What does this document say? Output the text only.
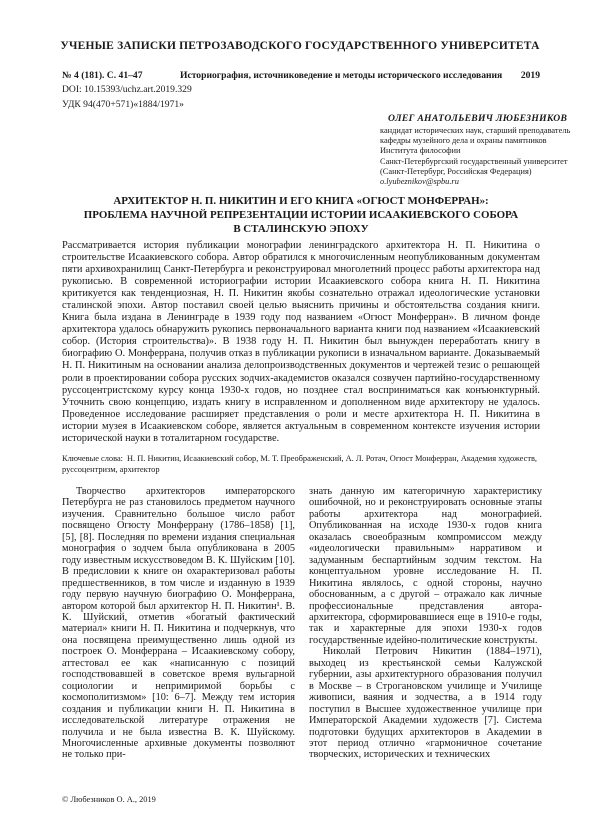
УЧЕНЫЕ ЗАПИСКИ ПЕТРОЗАВОДСКОГО ГОСУДАРСТВЕННОГО УНИВЕРСИТЕТА
№ 4 (181). С. 41–47	Историография, источниковедение и методы исторического исследования 2019
DOI: 10.15393/uchz.art.2019.329
УДК 94(470+571)«1884/1971»
ОЛЕГ АНАТОЛЬЕВИЧ ЛЮБЕЗНИКОВ

кандидат исторических наук, старший преподаватель кафедры музейного дела и охраны памятников Института философии

Санкт-Петербургский государственный университет (Санкт-Петербург, Российская Федерация)

o.lyubeznikov@spbu.ru

АРХИТЕКТОР Н. П. НИКИТИН И ЕГО КНИГА «ОГЮСТ МОНФЕРРАН»:
ПРОБЛЕМА НАУЧНОЙ РЕПРЕЗЕНТАЦИИ ИСТОРИИ ИСААКИЕВСКОГО СОБОРА
В СТАЛИНСКУЮ ЭПОХУ

Рассматривается история публикации монографии ленинградского архитектора Н. П. Никитина о строительстве Исаакиевского собора. Автор обратился к многочисленным неопубликованным документам пяти архивохранилищ Санкт-Петербурга и реконструировал многолетний процесс работы архитектора над рукописью. В современной историографии истории Исаакиевского собора книга Н. П. Никитина критикуется как тенденциозная, Н. П. Никитин якобы сознательно отражал идеологические установки сталинской эпохи. Автор поставил своей целью выяснить причины и обстоятельства создания книги. Книга была издана в Ленинграде в 1939 году под названием «Огюст Монферран». В личном фонде архитектора удалось обнаружить рукопись первоначального варианта книги под названием «Исаакиевский собор. (История строительства)». В 1938 году Н. П. Никитин был вынужден переработать книгу в биографию О. Монферрана, получив отказ в публикации рукописи в изначальном варианте. Доказываемый Н. П. Никитиным на основании анализа делопроизводственных документов и чертежей тезис о решающей роли в проектировании собора русских зодчих-академистов оказался созвучен партийно-государственному руссоцентристскому курсу конца 1930-х годов, но позднее стал восприниматься как конъюнктурный. Уточнить свою концепцию, издать книгу в исправленном и дополненном виде архитектору не удалось. Проведенное исследование расширяет представления о роли и месте архитектора Н. П. Никитина в истории музея в Исаакиевском соборе, является актуальным в современном контексте изучения истории исторической науки в тоталитарном государстве.

Ключевые слова: Н. П. Никитин, Исаакиевский собор, М. Т. Преображенский, А. Л. Ротач, Огюст Монферран, Академия художеств, руссоцентризм, архитектор

Творчество архитекторов императорского Петербурга не раз становилось предметом научного изучения. Сравнительно большое число работ посвящено Огюсту Монферрану (1786–1858) [1], [5], [8]. Последняя по времени издания специальная монография о зодчем была опубликована в 2005 году известным искусствоведом В. К. Шуйским [10]. В предисловии к книге он охарактеризовал работы предшественников, в том числе и изданную в 1939 году первую научную биографию О. Монферрана, автором которой был архитектор Н. П. Никитин¹. В. К. Шуйский, отметив «богатый фактический материал» книги Н. П. Никитина и подчеркнув, что она посвящена преимущественно лишь одной из построек О. Монферрана – Исаакиевскому собору, аттестовал ее как «написанную с позиций господствовавшей в советское время вульгарной социологии и непримиримой борьбы с космополитизмом» [10: 6–7]. Между тем история создания и публикации книги Н. П. Никитина в исследовательской литературе отражения не получила и не была известна В. К. Шуйскому. Многочисленные архивные документы позволяют не только при-

знать данную им категоричную характеристику ошибочной, но и реконструировать основные этапы работы архитектора над монографией. Опубликованная на исходе 1930-х годов книга оказалась своеобразным компромиссом между «идеологически правильным» нарративом и задуманным беспартийным зодчим текстом. На концептуальном уровне исследование Н. П. Никитина являлось, с одной стороны, научно обоснованным, а с другой – отражало как личные профессиональные представления автора-архитектора, сформировавшиеся еще в 1910-е годы, так и характерные для эпохи 1930-х годов государственные идейно-политические конструкты.

Николай Петрович Никитин (1884–1971), выходец из крестьянской семьи Калужской губернии, азы архитектурного образования получил в Москве – в Строгановском училище и Училище живописи, ваяния и зодчества, а в 1914 году поступил в Высшее художественное училище при Императорской Академии художеств [7]. Система подготовки будущих архитекторов в Академии в этот период отлично «гармоничное сочетание творческих, исторических и технических

© Любезников О. А., 2019
